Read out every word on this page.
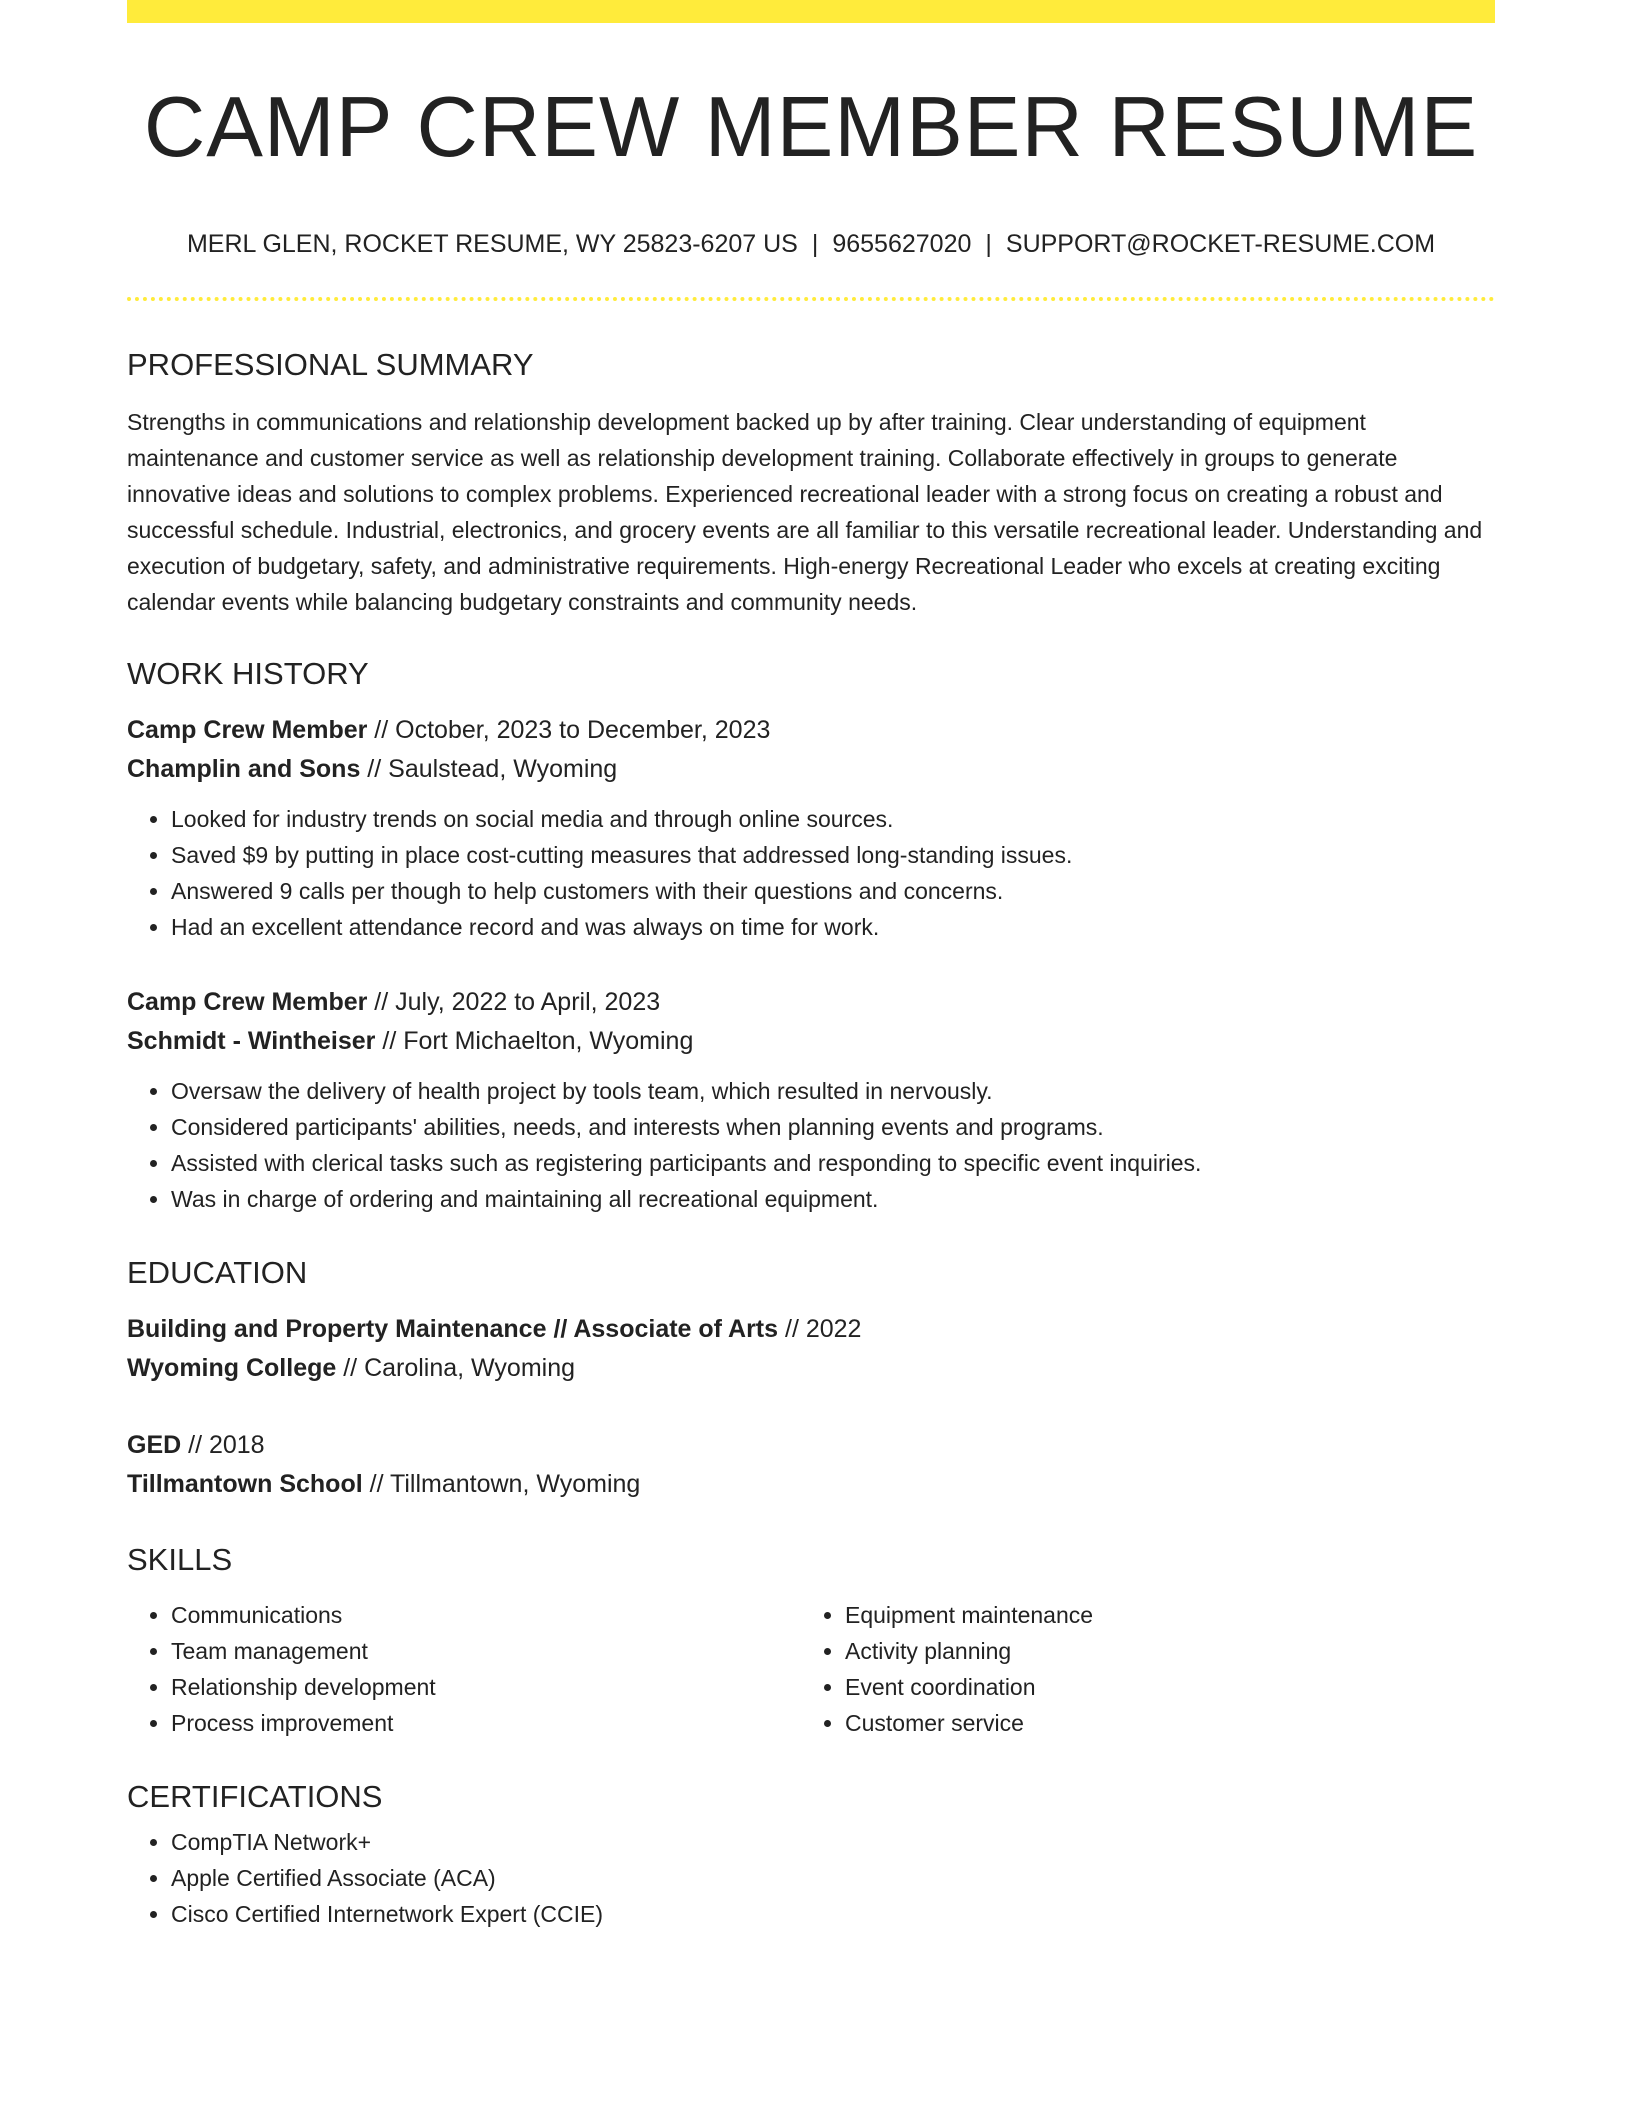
CAMP CREW MEMBER RESUME
MERL GLEN, ROCKET RESUME, WY 25823-6207 US | 9655627020 | SUPPORT@ROCKET-RESUME.COM
PROFESSIONAL SUMMARY
Strengths in communications and relationship development backed up by after training. Clear understanding of equipment maintenance and customer service as well as relationship development training. Collaborate effectively in groups to generate innovative ideas and solutions to complex problems. Experienced recreational leader with a strong focus on creating a robust and successful schedule. Industrial, electronics, and grocery events are all familiar to this versatile recreational leader. Understanding and execution of budgetary, safety, and administrative requirements. High-energy Recreational Leader who excels at creating exciting calendar events while balancing budgetary constraints and community needs.
WORK HISTORY
Camp Crew Member // October, 2023 to December, 2023
Champlin and Sons // Saulstead, Wyoming
• Looked for industry trends on social media and through online sources.
• Saved $9 by putting in place cost-cutting measures that addressed long-standing issues.
• Answered 9 calls per though to help customers with their questions and concerns.
• Had an excellent attendance record and was always on time for work.
Camp Crew Member // July, 2022 to April, 2023
Schmidt - Wintheiser // Fort Michaelton, Wyoming
• Oversaw the delivery of health project by tools team, which resulted in nervously.
• Considered participants' abilities, needs, and interests when planning events and programs.
• Assisted with clerical tasks such as registering participants and responding to specific event inquiries.
• Was in charge of ordering and maintaining all recreational equipment.
EDUCATION
Building and Property Maintenance // Associate of Arts // 2022
Wyoming College // Carolina, Wyoming
GED // 2018
Tillmantown School // Tillmantown, Wyoming
SKILLS
• Communications
• Team management
• Relationship development
• Process improvement
• Equipment maintenance
• Activity planning
• Event coordination
• Customer service
CERTIFICATIONS
• CompTIA Network+
• Apple Certified Associate (ACA)
• Cisco Certified Internetwork Expert (CCIE)
